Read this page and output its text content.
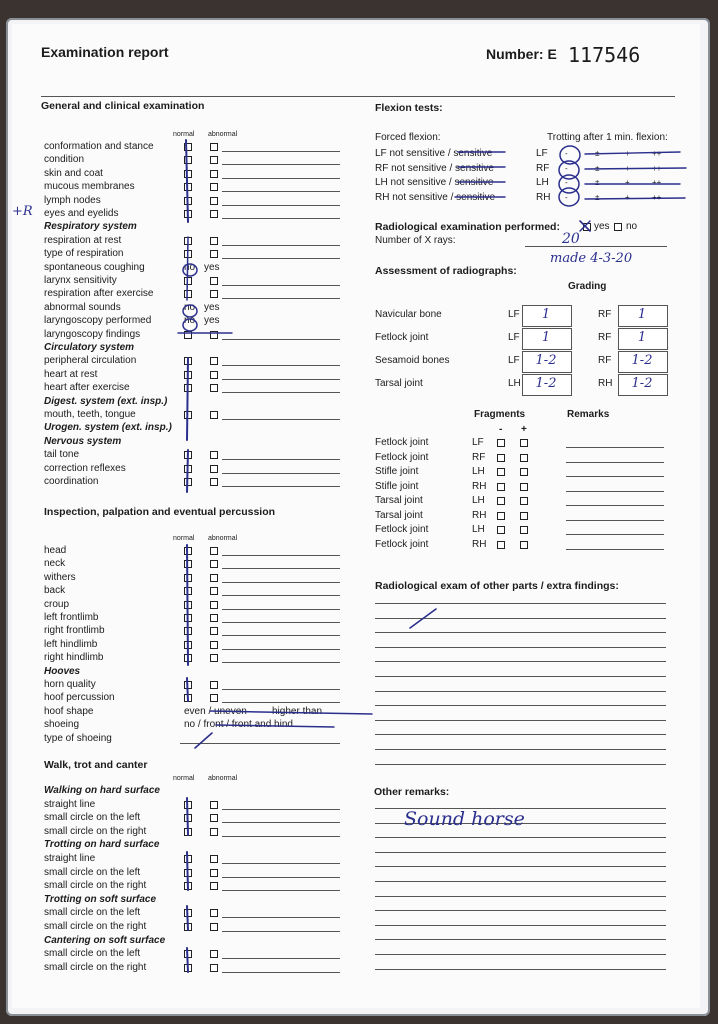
Examination report	Number: E 117546
General and clinical examination
normal abnormal
conformation and stance
condition
skin and coat
mucous membranes
lymph nodes
eyes and eyelids
Respiratory system
respiration at rest
type of respiration
spontaneous coughing	no yes
larynx sensitivity
respiration after exercise
abnormal sounds	no yes
laryngoscopy performed	no yes
laryngoscopy findings
Circulatory system
peripheral circulation
heart at rest
heart after exercise
Digest. system (ext. insp.)
mouth, teeth, tongue
Urogen. system (ext. insp.)
Nervous system
tail tone
correction reflexes
coordination
Inspection, palpation and eventual percussion
normal abnormal
head
neck
withers
back
croup
left frontlimb
right frontlimb
left hindlimb
right hindlimb
Hooves
horn quality
hoof percussion
hoof shape	even / uneven	higher than
shoeing	no / front / front and hind
type of shoeing
Walk, trot and canter
normal abnormal
Walking on hard surface
straight line
small circle on the left
small circle on the right
Trotting on hard surface
straight line
small circle on the left
small circle on the right
Trotting on soft surface
small circle on the left
small circle on the right
Cantering on soft surface
small circle on the left
small circle on the right
Flexion tests:
Forced flexion:	Trotting after 1 min. flexion:
LF not sensitive / sensitive	LF -	±	+	++
RF not sensitive / sensitive	RF -	±	+	++
LH not sensitive / sensitive	LH -	±	+	++
RH not sensitive / sensitive	RH -	±	+	++
Radiological examination performed:	yes no
Number of X rays:	20
made 4-3-20
Assessment of radiographs:
Grading
Navicular bone	LF	1	RF	1
Fetlock joint	LF	1	RF	1
Sesamoid bones	LF	1-2	RF	1-2
Tarsal joint	LH	1-2	RH	1-2
Fragments	Remarks
- +
Fetlock joint	LF
Fetlock joint	RF
Stifle joint	LH
Stifle joint	RH
Tarsal joint	LH
Tarsal joint	RH
Fetlock joint	LH
Fetlock joint	RH
Radiological exam of other parts / extra findings:
Other remarks:
Sound horse
+R
